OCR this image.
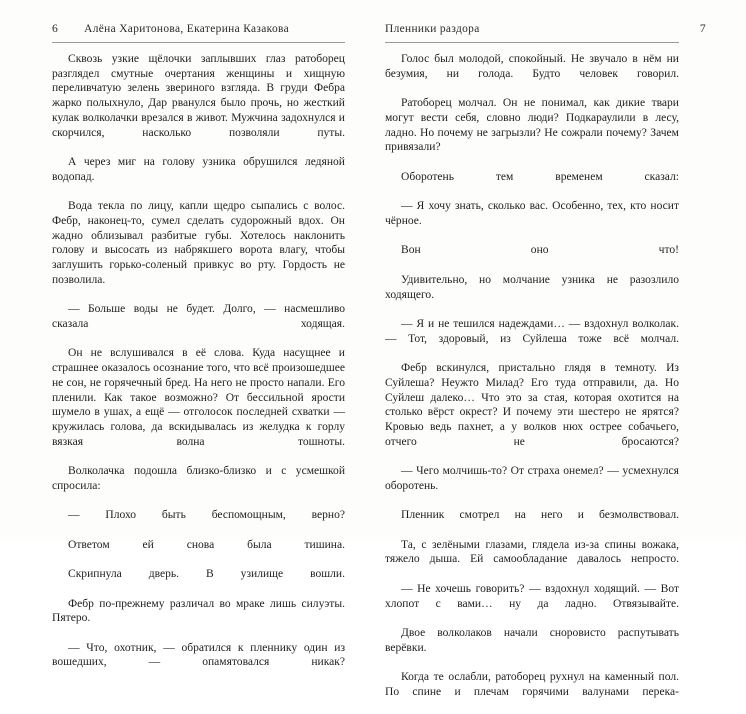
6 Алёна Харитонова, Екатерина Казакова

Сквозь узкие щёлочки заплывших глаз ратоборец разглядел смутные очертания женщины и хищную переливчатую зелень звериного взгляда. В груди Фебра жарко полыхнуло, Дар рванулся было прочь, но жесткий кулак волколачки врезался в живот. Мужчина задохнулся и скорчился, насколько позволяли путы.

А через миг на голову узника обрушился ледяной водопад.

Вода текла по лицу, капли щедро сыпались с волос. Фебр, наконец-то, сумел сделать судорожный вдох. Он жадно облизывал разбитые губы. Хотелось наклонить голову и высосать из набрякшего ворота влагу, чтобы заглушить горько-соленый привкус во рту. Гордость не позволила.

— Больше воды не будет. Долго, — насмешливо сказала ходящая.

Он не вслушивался в её слова. Куда насущнее и страшнее оказалось осознание того, что всё произошедшее не сон, не горячечный бред. На него не просто напали. Его пленили. Как такое возможно? От бессильной ярости шумело в ушах, а ещё — отголосок последней схватки — кружилась голова, да вскидывалась из желудка к горлу вязкая волна тошноты.

Волколачка подошла близко-близко и с усмешкой спросила:

— Плохо быть беспомощным, верно?

Ответом ей снова была тишина.

Скрипнула дверь. В узилище вошли.

Фебр по-прежнему различал во мраке лишь силуэты. Пятеро.

— Что, охотник, — обратился к пленнику один из вошедших, — опамятовался никак?

Пленники раздора	7

Голос был молодой, спокойный. Не звучало в нём ни безумия, ни голода. Будто человек говорил.

Ратоборец молчал. Он не понимал, как дикие твари могут вести себя, словно люди? Подкараулили в лесу, ладно. Но почему не загрызли? Не сожрали почему? Зачем привязали?

Оборотень тем временем сказал:

— Я хочу знать, сколько вас. Особенно, тех, кто носит чёрное.

Вон оно что!

Удивительно, но молчание узника не разозлило ходящего.

— Я и не тешился надеждами… — вздохнул волколак. — Тот, здоровый, из Суйлеша тоже всё молчал.

Фебр вскинулся, пристально глядя в темноту. Из Суйлеша? Неужто Милад? Его туда отправили, да. Но Суйлеш далеко… Что это за стая, которая охотится на столько вёрст окрест? И почему эти шестеро не ярятся? Кровью ведь пахнет, а у волков нюх острее собачьего, отчего не бросаются?

— Чего молчишь-то? От страха онемел? — усмехнулся оборотень.

Пленник смотрел на него и безмолвствовал.

Та, с зелёными глазами, глядела из-за спины вожака, тяжело дыша. Ей самообладание давалось непросто.

— Не хочешь говорить? — вздохнул ходящий. — Вот хлопот с вами… ну да ладно. Отвязывайте.

Двое волколаков начали сноровисто распутывать верёвки.

Когда те ослабли, ратоборец рухнул на каменный пол. По спине и плечам горячими валунами перека-
